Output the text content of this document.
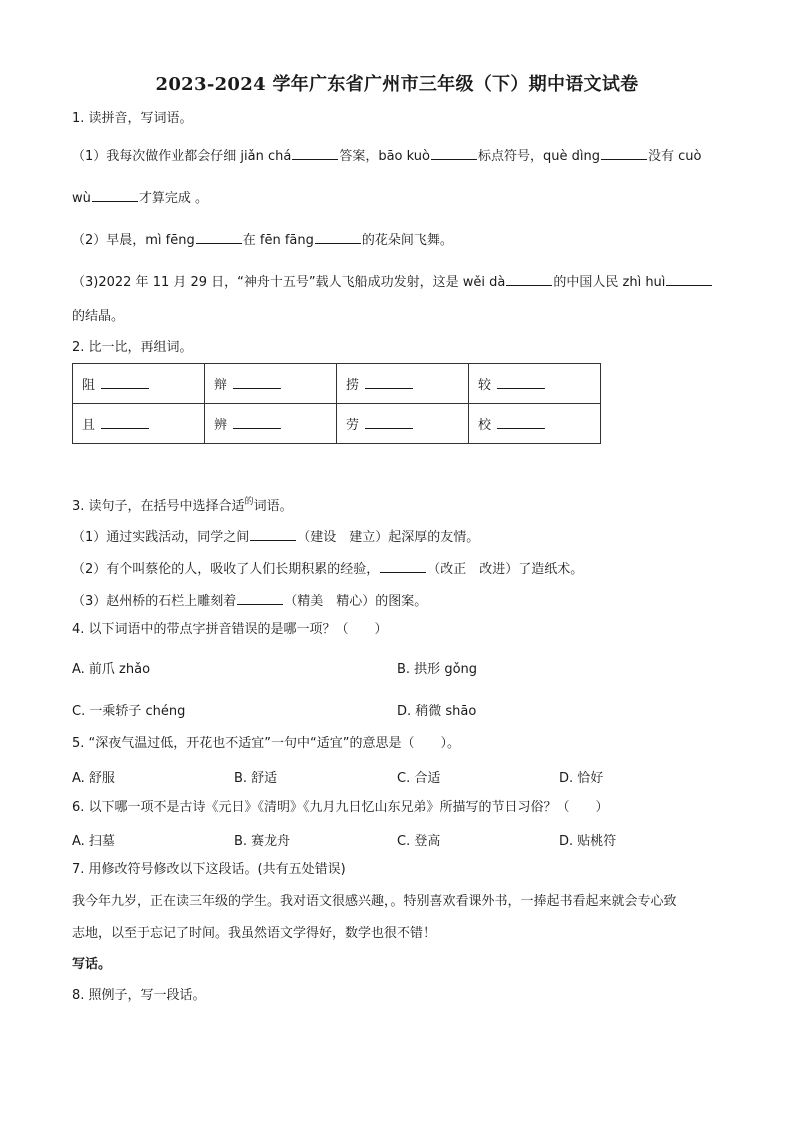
2023-2024 学年广东省广州市三年级（下）期中语文试卷
1. 读拼音，写词语。
（1）我每次做作业都会仔细 jiǎn chá	答案，bāo kuò	标点符号，què dìng	没有 cuò
wù	才算完成 。
（2）早晨，mì fēng	在 fēn fāng	的花朵间飞舞。
（3)2022 年 11 月 29 日，“神舟十五号”载人飞船成功发射，这是 wěi dà	的中国人民 zhì huì
的结晶。
2. 比一比，再组词。
阻	辩	捞	较
且	辨	劳	校
3. 读句子，在括号中选择合适$^的$词语。
（1）通过实践活动，同学之间	（建设　建立）起深厚的友情。
（2）有个叫蔡伦的人，吸收了人们长期积累的经验，	（改正　改进）了造纸术。
（3）赵州桥的石栏上雕刻着	（精美　精心）的图案。
4. 以下词语中的带点字拼音错误的是哪一项？（　　）
A. 前爪 zhǎo	B. 拱形 gǒng
C. 一乘轿子 chéng	D. 稍微 shāo
5. “深夜气温过低，开花也不适宜”一句中“适宜”的意思是（　　）。
A. 舒服	B. 舒适	C. 合适	D. 恰好
6. 以下哪一项不是古诗《元日》《清明》《九月九日忆山东兄弟》所描写的节日习俗？（　　）
A. 扫墓	B. 赛龙舟	C. 登高	D. 贴桃符
7. 用修改符号修改以下这段话。(共有五处错误)
我今年九岁，正在读三年级的学生。我对语文很感兴趣，。特别喜欢看课外书，一捧起书看起来就会专心致
志地，以至于忘记了时间。我虽然语文学得好，数学也很不错！
写话。
8. 照例子，写一段话。
